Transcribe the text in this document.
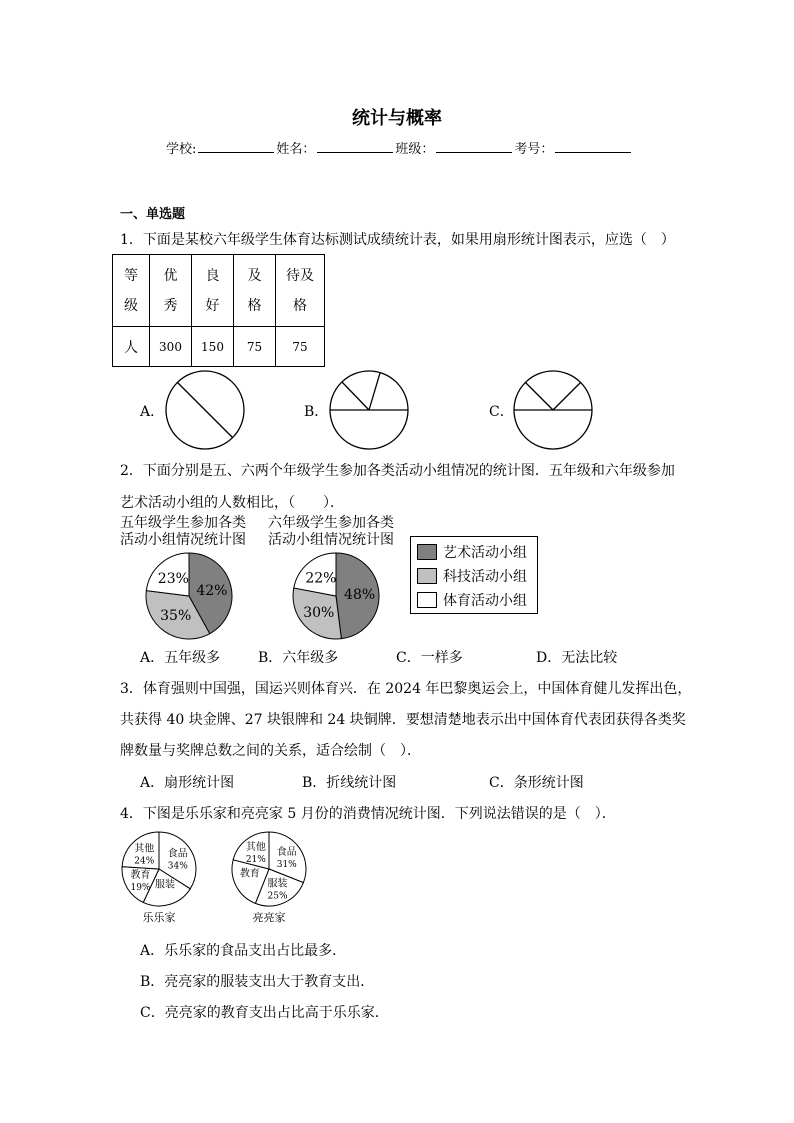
统计与概率
学校:	姓名：	班级：	考号：
一、单选题
1．下面是某校六年级学生体育达标测试成绩统计表，如果用扇形统计图表示，应选（　）
等级	优秀	良好	及格	待及格

人	300	150	75	75
A．	B．	C．
2．下面分别是五、六两个年级学生参加各类活动小组情况的统计图．五年级和六年级参加
艺术活动小组的人数相比，（　　）．
五年级学生参加各类
活动小组情况统计图
六年级学生参加各类
活动小组情况统计图
42%
35%
23%
48%
30%
22%
艺术活动小组
科技活动小组
体育活动小组
A．五年级多	B．六年级多	C．一样多	D．无法比较
3．体育强则中国强，国运兴则体育兴．在 2024 年巴黎奥运会上，中国体育健儿发挥出色，
共获得 40 块金牌、27 块银牌和 24 块铜牌．要想清楚地表示出中国体育代表团获得各类奖
牌数量与奖牌总数之间的关系，适合绘制（　）．
A．扇形统计图	B．折线统计图	C．条形统计图
4．下图是乐乐家和亮亮家 5 月份的消费情况统计图．下列说法错误的是（　）．
食品
34%
服装
教育
19%
其他
24%
食品
31%
服装
25%
教育
其他
21%
乐乐家	亮亮家
A．乐乐家的食品支出占比最多．
B．亮亮家的服装支出大于教育支出．
C．亮亮家的教育支出占比高于乐乐家．
